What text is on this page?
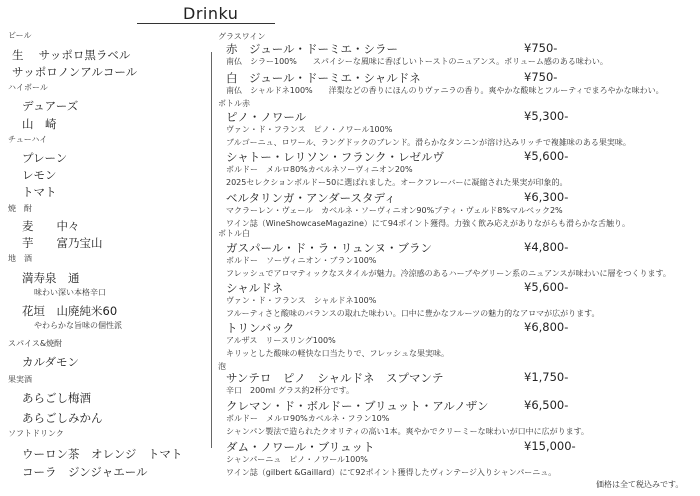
Drinku
ビール
生　 サッポロ黒ラベル
サッポロノンアルコール
ハイボール
デュアーズ
山　崎
チューハイ
プレーン
レモン
トマト
焼　酎
麦　　中々
芋　　富乃宝山
地　酒
満寿泉　通
味わい深い本格辛口
花垣　山廃純米60
やわらかな旨味の個性派
スパイス&焼酎
カルダモン
果実酒
あらごし梅酒
あらごしみかん
ソフトドリンク
ウーロン茶　オレンジ　トマト
コーラ　ジンジャエール
グラスワイン
赤　ジュール・ドーミエ・シラー	¥750-
南仏　シラー100%　　スパイシーな風味に香ばしいトーストのニュアンス。ボリューム感のある味わい。
白　ジュール・ドーミエ・シャルドネ	¥750-
南仏　シャルドネ100%　　洋梨などの香りにほんのりヴァニラの香り。爽やかな酸味とフルーティでまろやかな味わい。
ボトル赤
ピノ・ノワール	¥5,300-
ヴァン・ド・フランス　ピノ・ノワール100%
ブルゴーニュ、ロワール、ラングドックのブレンド。滑らかなタンニンが溶け込みリッチで複雑味のある果実味。
シャトー・レリソン・フランク・レゼルヴ	¥5,600-
ボルドー　メルロ80%カベルネソーヴィニオン20%
2025セレクションボルドー50に選ばれました。オークフレーバーに凝縮された果実が印象的。
ベルタリンガ・アンダースタディ	¥6,300-
マクラーレン・ヴェール　カベルネ・ソーヴィニオン90%プティ・ヴェルド8%マルベック2%
ワイン誌（WineShowcaseMagazine）にて94ポイント獲得。力強く飲み応えがありながらも滑らかな舌触り。
ボトル白
ガスパール・ド・ラ・リュンヌ・ブラン	¥4,800-
ボルドー　ソーヴィニオン・ブラン100%
フレッシュでアロマティックなスタイルが魅力。冷涼感のあるハーブやグリーン系のニュアンスが味わいに層をつくります。
シャルドネ	¥5,600-
ヴァン・ド・フランス　シャルドネ100%
フルーティさと酸味のバランスの取れた味わい。口中に豊かなフルーツの魅力的なアロマが広がります。
トリンバック	¥6,800-
アルザス　リースリング100%
キリッとした酸味の軽快な口当たりで、フレッシュな果実味。
泡
サンテロ　ピノ　シャルドネ　スプマンテ	¥1,750-
辛口　200ml グラス約2杯分です。
クレマン・ド・ボルドー・ブリュット・アルノザン	¥6,500-
ボルドー　メルロ90%カベルネ・フラン10%
シャンパン製法で造られたクオリティの高い1本。爽やかでクリーミーな味わいが口中に広がります。
ダム・ノワール・ブリュット	¥15,000-
シャンパーニュ　ピノ・ノワール100%
ワイン誌（gilbert &Gaillard）にて92ポイント獲得したヴィンテージ入りシャンパーニュ。
価格は全て税込みです。
